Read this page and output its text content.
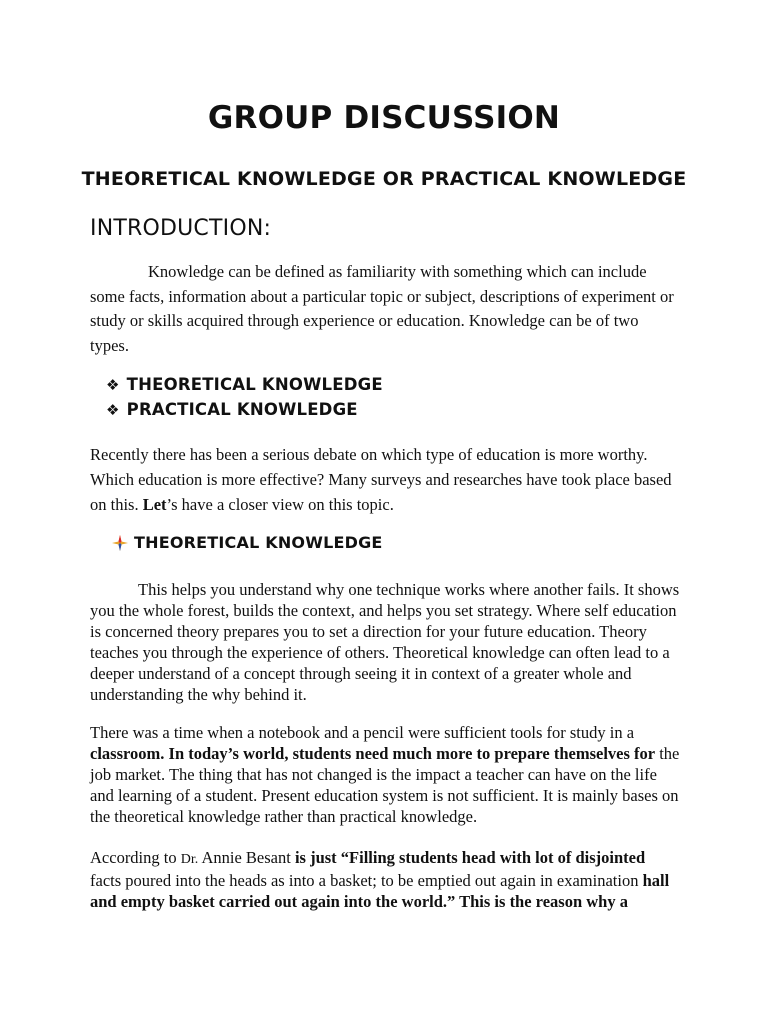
GROUP DISCUSSION
THEORETICAL KNOWLEDGE OR PRACTICAL KNOWLEDGE
INTRODUCTION:

Knowledge can be defined as familiarity with something which can include some facts, information about a particular topic or subject, descriptions of experiment or study or skills acquired through experience or education. Knowledge can be of two types.

❖ THEORETICAL KNOWLEDGE
❖ PRACTICAL KNOWLEDGE

Recently there has been a serious debate on which type of education is more worthy. Which education is more effective? Many surveys and researches have took place based on this. Let’s have a closer view on this topic.

THEORETICAL KNOWLEDGE

This helps you understand why one technique works where another fails. It shows you the whole forest, builds the context, and helps you set strategy. Where self education is concerned theory prepares you to set a direction for your future education. Theory teaches you through the experience of others. Theoretical knowledge can often lead to a deeper understand of a concept through seeing it in context of a greater whole and understanding the why behind it.

There was a time when a notebook and a pencil were sufficient tools for study in a classroom. In today’s world, students need much more to prepare themselves for the job market. The thing that has not changed is the impact a teacher can have on the life and learning of a student. Present education system is not sufficient. It is mainly bases on the theoretical knowledge rather than practical knowledge.

According to Dr. Annie Besant is just “Filling students head with lot of disjointed facts poured into the heads as into a basket; to be emptied out again in examination hall and empty basket carried out again into the world.” This is the reason why a
